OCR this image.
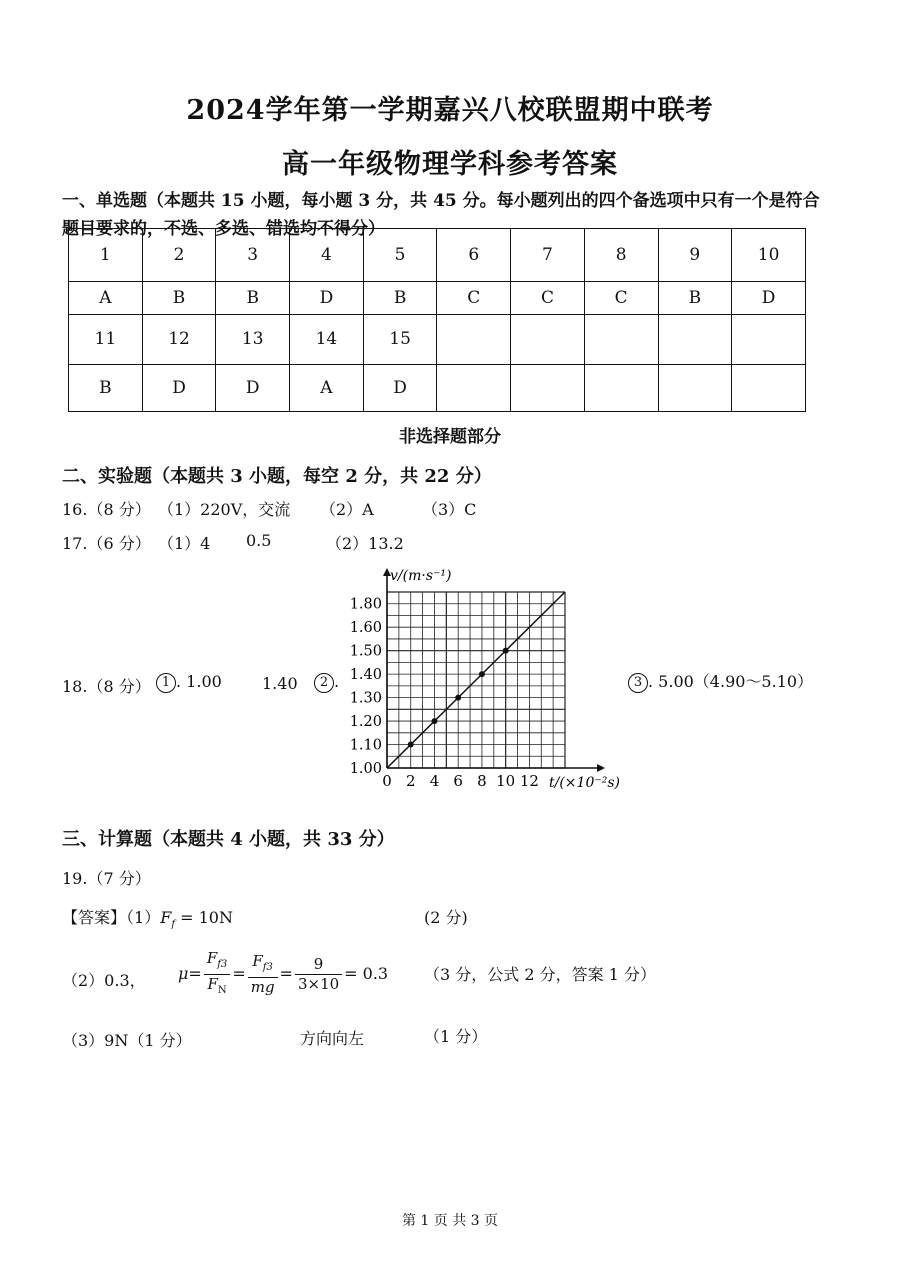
2024学年第一学期嘉兴八校联盟期中联考
高一年级物理学科参考答案
一、单选题（本题共 15 小题，每小题 3 分，共 45 分。每小题列出的四个备选项中只有一个是符合
题目要求的，不选、多选、错选均不得分）
1	2	3	4	5	6	7	8	9	10
A	B	B	D	B	C	C	C	B	D
11	12	13	14	15					
B	D	D	A	D					
非选择题部分
二、实验题（本题共 3 小题，每空 2 分，共 22 分）
16.（8 分） （1）220V，交流 （2）A	（3）C
17.（6 分） （1）4 0.5	（2）13.2
18.（8 分） 1 . 1.00	1.40	2 .	3 . 5.00（4.90～5.10）
0 2 4 6 8 10 12
1.00
1.10
1.20
1.30
1.40
1.50
1.60
1.80
v/(m·s⁻¹)
t/(×10⁻²s)
三、计算题（本题共 4 小题，共 33 分）
19.（7 分）
【答案】$(1)F_f = 10N$	(2 分)
（2）0.3， $\mu= \frac{F_{f3}}{F_N} = \frac{F_{f3}}{mg} = \frac{9}{3\times 10} = 0.3$ （3 分，公式 2 分，答案 1 分）
（3）9N（1 分）	方向向左	（1 分）
第 1 页 共 3 页
